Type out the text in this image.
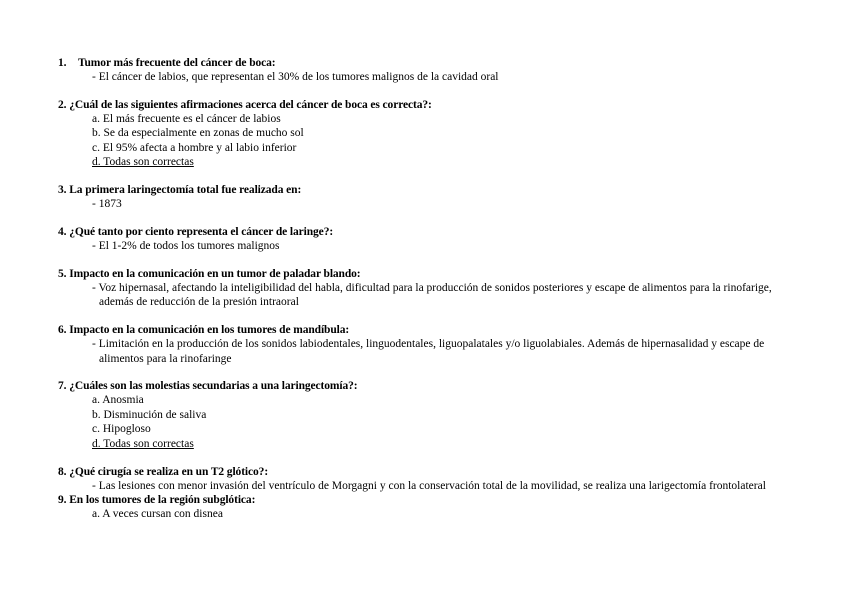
1. Tumor más frecuente del cáncer de boca:
- El cáncer de labios, que representan el 30% de los tumores malignos de la cavidad oral
2. ¿Cuál de las siguientes afirmaciones acerca del cáncer de boca es correcta?:
a. El más frecuente es el cáncer de labios
b. Se da especialmente en zonas de mucho sol
c. El 95% afecta a hombre y al labio inferior
d. Todas son correctas
3. La primera laringectomía total fue realizada en:
- 1873
4. ¿Qué tanto por ciento representa el cáncer de laringe?:
- El 1-2% de todos los tumores malignos
5. Impacto en la comunicación en un tumor de paladar blando:
- Voz hipernasal, afectando la inteligibilidad del habla, dificultad para la producción de sonidos posteriores y escape de alimentos para la rinofarige, además de reducción de la presión intraoral
6. Impacto en la comunicación en los tumores de mandíbula:
- Limitación en la producción de los sonidos labiodentales, linguodentales, liguopalatales y/o liguolabiales. Además de hipernasalidad y escape de alimentos para la rinofaringe
7. ¿Cuáles son las molestias secundarias a una laringectomía?:
a. Anosmia
b. Disminución de saliva
c. Hipogloso
d. Todas son correctas
8. ¿Qué cirugía se realiza en un T2 glótico?:
- Las lesiones con menor invasión del ventrículo de Morgagni y con la conservación total de la movilidad, se realiza una larigectomía frontolateral
9. En los tumores de la región subglótica:
a. A veces cursan con disnea
